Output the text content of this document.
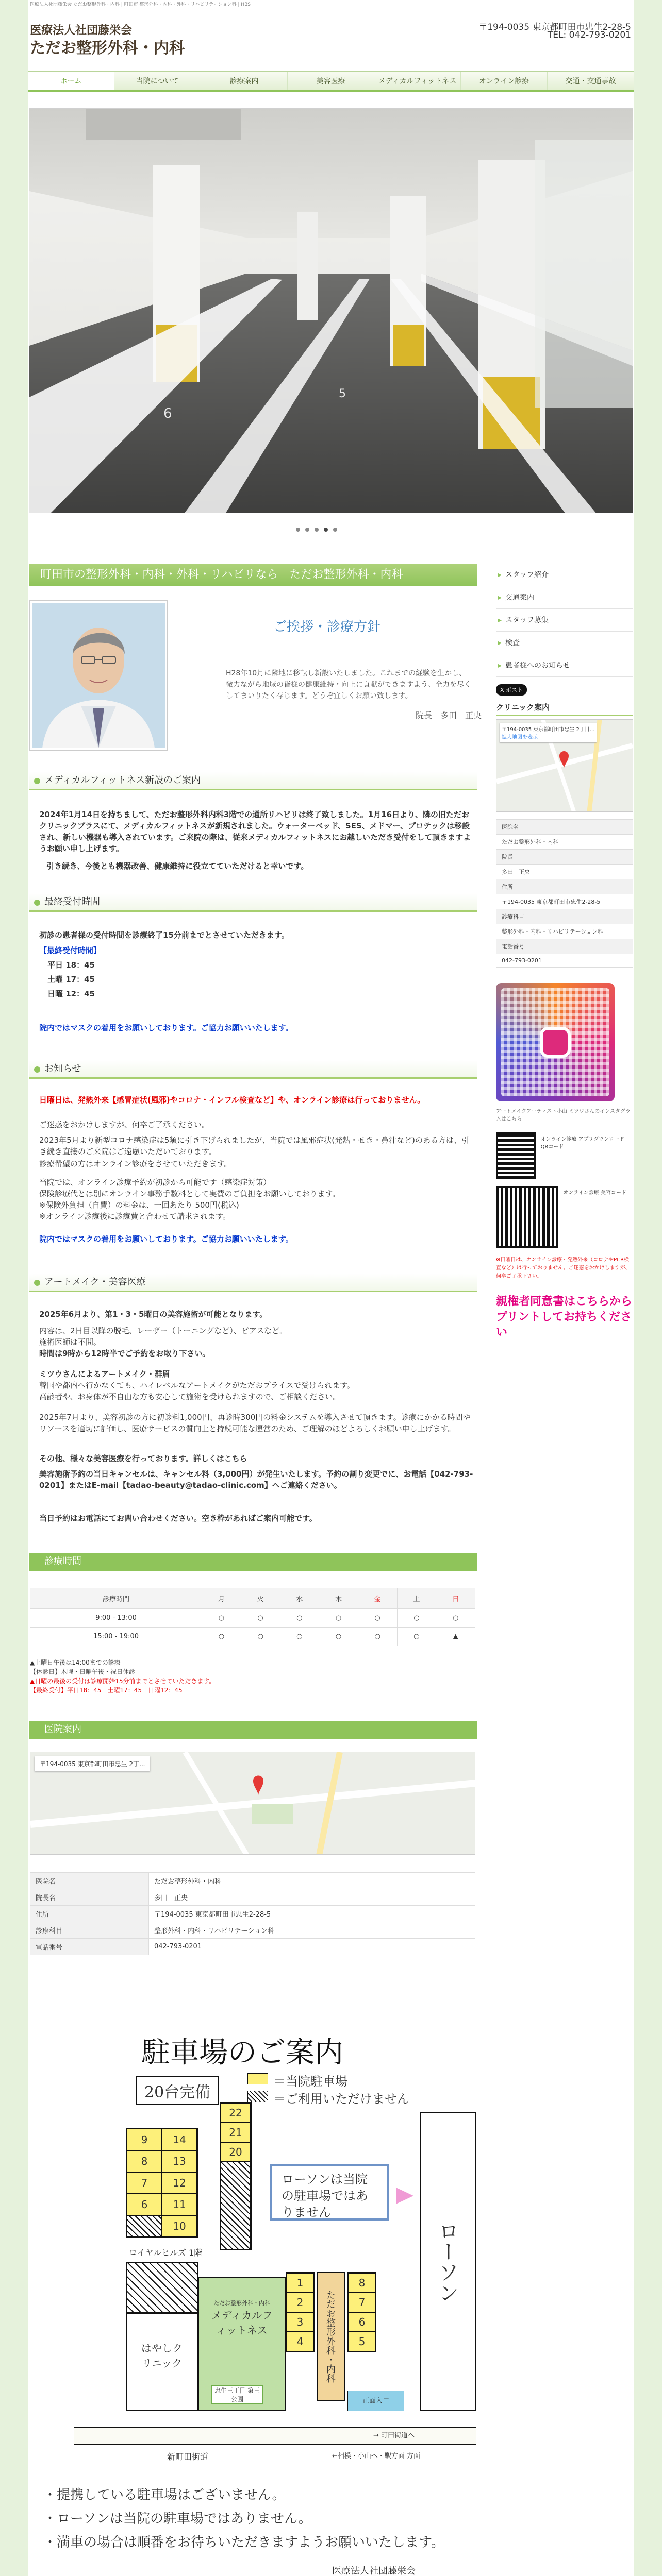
医療法人社団藤栄会 ただお整形外科・内科 | 町田市 整形外科・内科・外科・リハビリテーション科 | HBS
医療法人社団藤栄会
ただお整形外科・内科
〒194-0035 東京都町田市忠生2-28-5
TEL: 042-793-0201
ホーム	当院について	診療案内	美容医療	メディカルフィットネス	オンライン診療	交通・交通事故
6
5
町田市の整形外科・内科・外科・リハビリなら　ただお整形外科・内科
ご挨拶・診療方針
H28年10月に隣地に移転し新設いたしました。これまでの経験を生かし、微力ながら地域の皆様の健康維持・向上に貢献ができますよう、全力を尽くしてまいりたく存じます。どうぞ宜しくお願い致します。
院長　多田　正央
メディカルフィットネス新設のご案内
2024年1月14日を持ちまして、ただお整形外科内科3階での通所リハビリは終了致しました。1月16日より、隣の旧ただおクリニックプラスにて、メディカルフィットネスが新規されました。ウォーターベッド、SES、メドマー、プロテックは移設され、新しい機器も導入されています。ご来院の際は、従来メディカルフィットネスにお越しいただき受付をして頂きますようお願い申し上げます。
引き続き、今後とも機器改善、健康維持に役立てていただけると幸いです。
最終受付時間
初診の患者様の受付時間を診療終了15分前までとさせていただきます。
【最終受付時間】
平日 18：45
土曜 17：45
日曜 12：45
院内ではマスクの着用をお願いしております。ご協力お願いいたします。
お知らせ
日曜日は、発熱外来【感冒症状(風邪)やコロナ・インフル検査など】や、オンライン診療は行っておりません。
ご迷惑をおかけしますが、何卒ご了承ください。
2023年5月より新型コロナ感染症は5類に引き下げられましたが、当院では風邪症状(発熱・せき・鼻汁など)のある方は、引き続き直接のご来院はご遠慮いただいております。
診療希望の方はオンライン診療をさせていただきます。
当院では、オンライン診療予約が初診から可能です（感染症対策）
保険診療代とは別にオンライン事務手数料として実費のご負担をお願いしております。
※保険外負担（自費）の料金は、一回あたり 500円(税込)
※オンライン診療後に診療費と合わせて請求されます。
院内ではマスクの着用をお願いしております。ご協力お願いいたします。
アートメイク・美容医療
2025年6月より、第1・3・5曜日の美容施術が可能となります。
内容は、2日目以降の脱毛、レーザー（トーニングなど）、ピアスなど。
施術医師は不問。
時間は9時から12時半でご予約をお取り下さい。
ミツウさんによるアートメイク・群眉
韓国や都内へ行かなくても、ハイレベルなアートメイクがただおプライスで受けられます。
高齢者や、お身体が不自由な方も安心して施術を受けられますので、ご相談ください。
2025年7月より、美容初診の方に初診料1,000円、再診時300円の料金システムを導入させて頂きます。診療にかかる時間やリソースを適切に評価し、医療サービスの質向上と持続可能な運営のため、ご理解のほどよろしくお願い申し上げます。
その他、様々な美容医療を行っております。詳しくはこちら
美容施術予約の当日キャンセルは、キャンセル料（3,000円）が発生いたします。予約の割り変更でに、お電話【042-793-0201】またはE-mail【tadao-beauty@tadao-clinic.com】へご連絡ください。
当日予約はお電話にてお問い合わせください。空き枠があればご案内可能です。
診療時間
診療時間	月	火	水	木	金	土	日
9:00 - 13:00	○	○	○	○	○	○	○
15:00 - 19:00	○	○	○	○	○	○	▲
▲土曜日午後は14:00までの診療
【休診日】木曜・日曜午後・祝日休診
▲日曜の最後の受付は診療開始15分前までとさせていただきます。
【最終受付】平日18：45　土曜17：45　日曜12：45
医院案内
〒194-0035 東京都町田市忠生 2丁...
医院名	ただお整形外科・内科
院長名	多田　正央
住所	〒194-0035 東京都町田市忠生2-28-5
診療科目	整形外科・内科・リハビリテーション科
電話番号	042-793-0201
駐車場のご案内
20台完備
＝当院駐車場
＝ご利用いただけません
9	14
8	13
7	12
6	11
10
22
21
20
ローソンは当院の駐車場ではありません
ローソン
ロイヤルヒルズ 1階
はやしクリニック
ただお整形外科・内科
メディカルフィットネス
忠生三丁目 第三公園
1
2
3
4	ただお整形外科・内科
8
7
6
5
正面入口
→ 町田街道へ
新町田街道	←相模・小山へ・駅方面 方面
・提携している駐車場はございません。
・ローソンは当院の駐車場ではありません。
・満車の場合は順番をお待ちいただきますようお願いいたします。
医療法人社団藤栄会
▸ スタッフ紹介
▸ 交通案内
▸ スタッフ募集
▸ 検査
▸ 患者様へのお知らせ
X ポスト
クリニック案内
〒194-0035 東京都町田市忠生 2丁目...
拡大地図を表示
医院名
ただお整形外科・内科
院長
多田　正央
住所
〒194-0035 東京都町田市忠生2-28-5
診療科目
整形外科・内科・リハビリテーション科
電話番号
042-793-0201
アートメイクアーティスト小山 ミツウさんのインスタグラムはこちら
オンライン診療 アプリダウンロード QRコード
オンライン診療 美容コード
※日曜日は、オンライン診療・発熱外来（コロナやPCR検査など）は行っておりません。ご迷惑をおかけしますが、何卒ご了承下さい。
親権者同意書はこちらからプリントしてお持ちください
